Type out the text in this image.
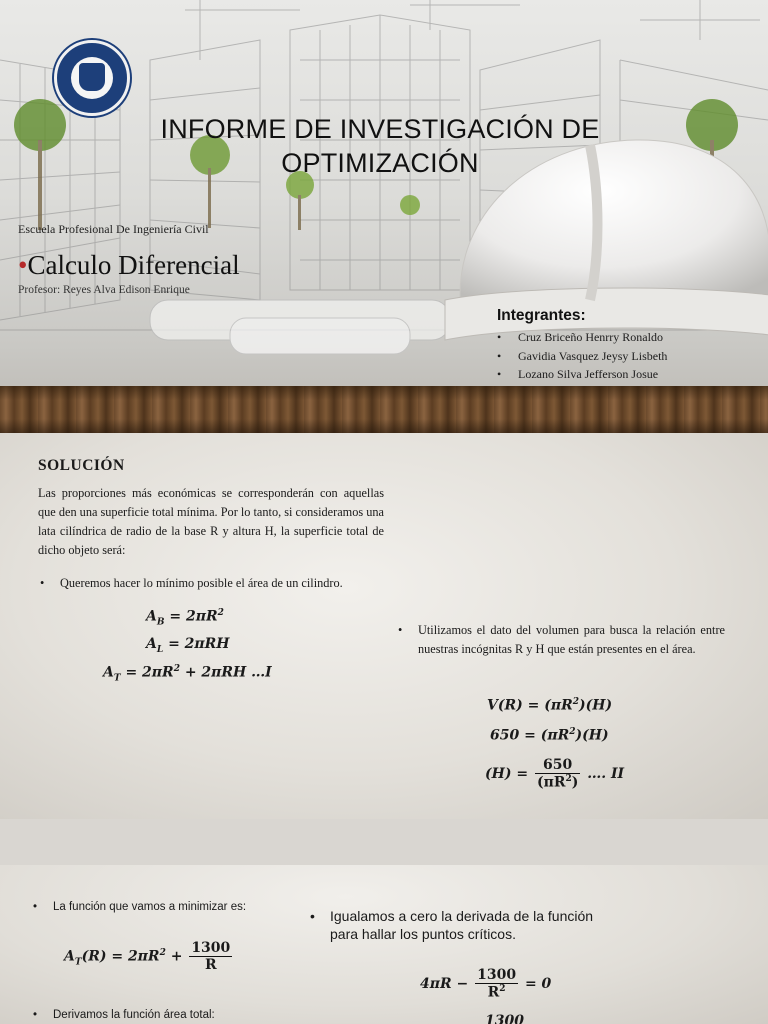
INFORME DE INVESTIGACIÓN DE OPTIMIZACIÓN
Escuela Profesional De Ingeniería Civil
•Calculo Diferencial
Profesor: Reyes Alva Edison Enrique
Integrantes:
• Cruz Briceño Henrry Ronaldo
• Gavidia Vasquez Jeysy Lisbeth
• Lozano Silva Jefferson Josue
SOLUCIÓN
Las proporciones más económicas se corresponderán con aquellas que den una superficie total mínima. Por lo tanto, si consideramos una lata cilíndrica de radio de la base R y altura H, la superficie total de dicho objeto será:
• Queremos hacer lo mínimo posible el área de un cilindro.
$A_B = 2\pi R^2$
$A_L = 2\pi RH$
$A_T = 2\pi R^2 + 2\pi RH$ …I
• Utilizamos el dato del volumen para busca la relación entre nuestras incógnitas R y H que están presentes en el área.
$V(R) = (\pi R^2)(H)$
$650 = (\pi R^2)(H)$
$(H) = \frac{650}{(\pi R^2)}$ …. II
• La función que vamos a minimizar es:
$A_T(R) = 2\pi R^2 + \frac{1300}{R}$
• Igualamos a cero la derivada de la función para hallar los puntos críticos.
$4\pi R - \frac{1300}{R^2} = 0$
1300
• Derivamos la función área total:
